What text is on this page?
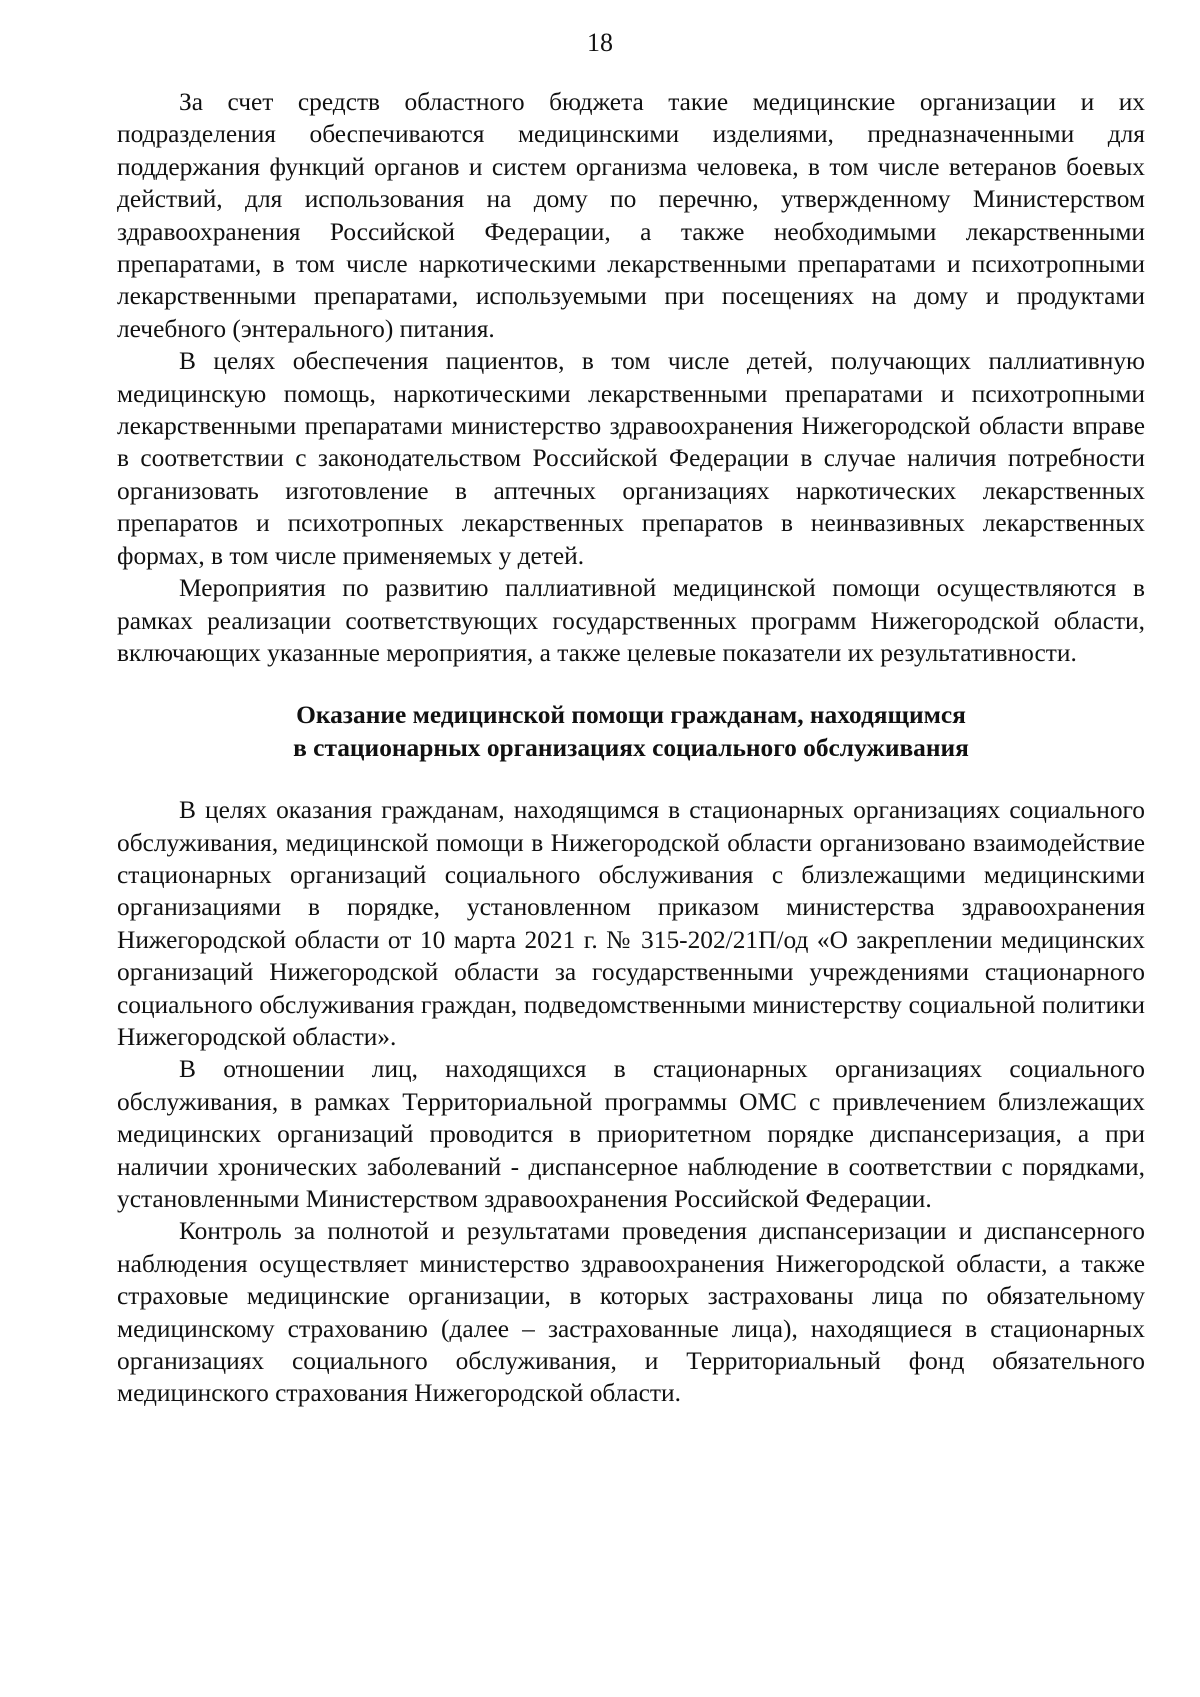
18

За счет средств областного бюджета такие медицинские организации и их подразделения обеспечиваются медицинскими изделиями, предназначенными для поддержания функций органов и систем организма человека, в том числе ветеранов боевых действий, для использования на дому по перечню, утвержденному Министерством здравоохранения Российской Федерации, а также необходимыми лекарственными препаратами, в том числе наркотическими лекарственными препаратами и психотропными лекарственными препаратами, используемыми при посещениях на дому и продуктами лечебного (энтерального) питания.

В целях обеспечения пациентов, в том числе детей, получающих паллиативную медицинскую помощь, наркотическими лекарственными препаратами и психотропными лекарственными препаратами министерство здравоохранения Нижегородской области вправе в соответствии с законодательством Российской Федерации в случае наличия потребности организовать изготовление в аптечных организациях наркотических лекарственных препаратов и психотропных лекарственных препаратов в неинвазивных лекарственных формах, в том числе применяемых у детей.

Мероприятия по развитию паллиативной медицинской помощи осуществляются в рамках реализации соответствующих государственных программ Нижегородской области, включающих указанные мероприятия, а также целевые показатели их результативности.

Оказание медицинской помощи гражданам, находящимся
в стационарных организациях социального обслуживания

В целях оказания гражданам, находящимся в стационарных организациях социального обслуживания, медицинской помощи в Нижегородской области организовано взаимодействие стационарных организаций социального обслуживания с близлежащими медицинскими организациями в порядке, установленном приказом министерства здравоохранения Нижегородской области от 10 марта 2021 г. № 315-202/21П/од «О закреплении медицинских организаций Нижегородской области за государственными учреждениями стационарного социального обслуживания граждан, подведомственными министерству социальной политики Нижегородской области».

В отношении лиц, находящихся в стационарных организациях социального обслуживания, в рамках Территориальной программы ОМС с привлечением близлежащих медицинских организаций проводится в приоритетном порядке диспансеризация, а при наличии хронических заболеваний - диспансерное наблюдение в соответствии с порядками, установленными Министерством здравоохранения Российской Федерации.

Контроль за полнотой и результатами проведения диспансеризации и диспансерного наблюдения осуществляет министерство здравоохранения Нижегородской области, а также страховые медицинские организации, в которых застрахованы лица по обязательному медицинскому страхованию (далее – застрахованные лица), находящиеся в стационарных организациях социального обслуживания, и Территориальный фонд обязательного медицинского страхования Нижегородской области.
